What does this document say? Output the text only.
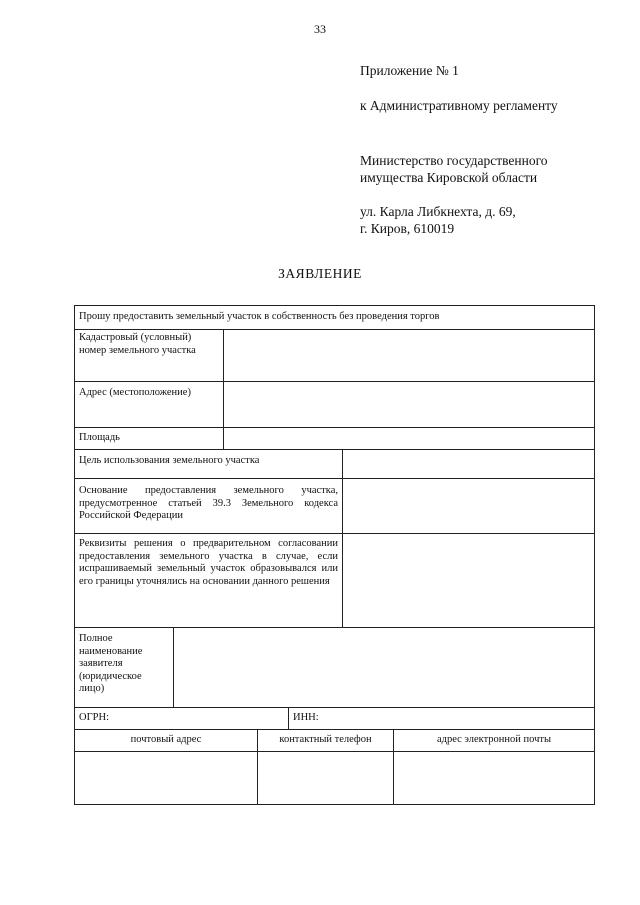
33
Приложение № 1
к Административному регламенту
Министерство государственного
имущества Кировской области
ул. Карла Либкнехта, д. 69,
г. Киров, 610019
ЗАЯВЛЕНИЕ
Прошу предоставить земельный участок в собственность без проведения торгов
Кадастровый (условный) номер земельного участка
Адрес (местоположение)
Площадь
Цель использования земельного участка
Основание предоставления земельного участка, предусмотренное статьей 39.3 Земельного кодекса Российской Федерации
Реквизиты решения о предварительном согласовании предоставления земельного участка в случае, если испрашиваемый земельный участок образовывался или его границы уточнялись на основании данного решения
Полное наименование заявителя (юридическое лицо)
ОГРН:	ИНН:
почтовый адрес	контактный телефон	адрес электронной почты
